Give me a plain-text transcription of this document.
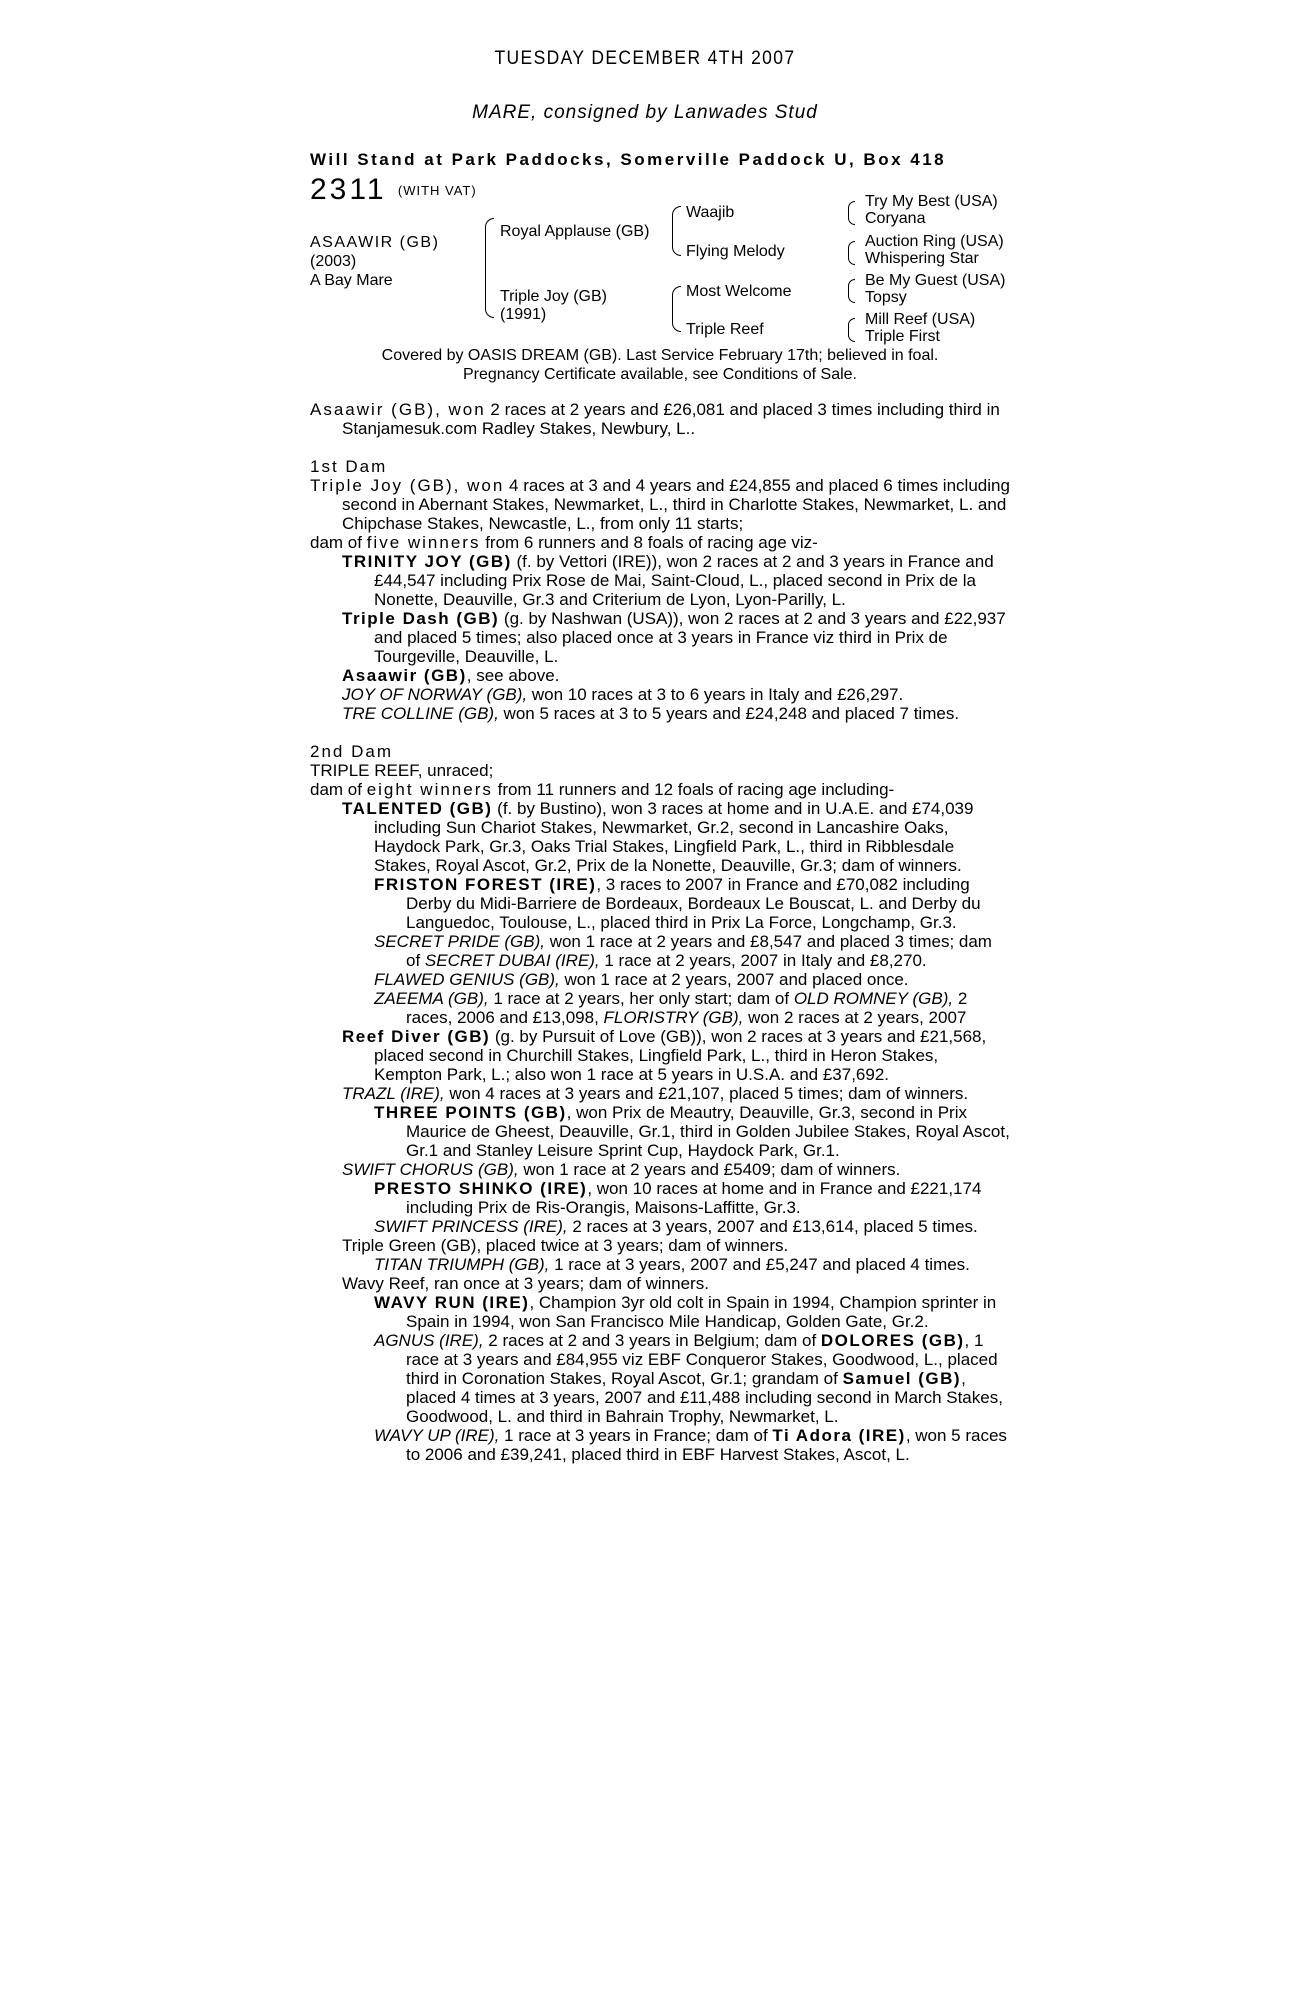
TUESDAY DECEMBER 4TH 2007
MARE, consigned by Lanwades Stud
Will Stand at Park Paddocks, Somerville Paddock U, Box 418
2311 (WITH VAT)
ASAAWIR (GB)
(2003)
A Bay Mare
Royal Applause (GB)
Triple Joy (GB)
(1991)
Waajib
Flying Melody
Most Welcome
Triple Reef
Try My Best (USA)
Coryana
Auction Ring (USA)
Whispering Star
Be My Guest (USA)
Topsy
Mill Reef (USA)
Triple First

Covered by OASIS DREAM (GB). Last Service February 17th; believed in foal.

Pregnancy Certificate available, see Conditions of Sale.

Asaawir (GB), won 2 races at 2 years and £26,081 and placed 3 times including third in Stanjamesuk.com Radley Stakes, Newbury, L..

1st Dam

Triple Joy (GB), won 4 races at 3 and 4 years and £24,855 and placed 6 times including second in Abernant Stakes, Newmarket, L., third in Charlotte Stakes, Newmarket, L. and Chipchase Stakes, Newcastle, L., from only 11 starts;

dam of five winners from 6 runners and 8 foals of racing age viz-

TRINITY JOY (GB) (f. by Vettori (IRE)), won 2 races at 2 and 3 years in France and £44,547 including Prix Rose de Mai, Saint-Cloud, L., placed second in Prix de la Nonette, Deauville, Gr.3 and Criterium de Lyon, Lyon-Parilly, L.

Triple Dash (GB) (g. by Nashwan (USA)), won 2 races at 2 and 3 years and £22,937 and placed 5 times; also placed once at 3 years in France viz third in Prix de Tourgeville, Deauville, L.

Asaawir (GB), see above.

JOY OF NORWAY (GB), won 10 races at 3 to 6 years in Italy and £26,297.

TRE COLLINE (GB), won 5 races at 3 to 5 years and £24,248 and placed 7 times.

2nd Dam

TRIPLE REEF, unraced;

dam of eight winners from 11 runners and 12 foals of racing age including-

TALENTED (GB) (f. by Bustino), won 3 races at home and in U.A.E. and £74,039 including Sun Chariot Stakes, Newmarket, Gr.2, second in Lancashire Oaks, Haydock Park, Gr.3, Oaks Trial Stakes, Lingfield Park, L., third in Ribblesdale Stakes, Royal Ascot, Gr.2, Prix de la Nonette, Deauville, Gr.3; dam of winners.

FRISTON FOREST (IRE), 3 races to 2007 in France and £70,082 including Derby du Midi-Barriere de Bordeaux, Bordeaux Le Bouscat, L. and Derby du Languedoc, Toulouse, L., placed third in Prix La Force, Longchamp, Gr.3.

SECRET PRIDE (GB), won 1 race at 2 years and £8,547 and placed 3 times; dam of SECRET DUBAI (IRE), 1 race at 2 years, 2007 in Italy and £8,270.

FLAWED GENIUS (GB), won 1 race at 2 years, 2007 and placed once.

ZAEEMA (GB), 1 race at 2 years, her only start; dam of OLD ROMNEY (GB), 2 races, 2006 and £13,098, FLORISTRY (GB), won 2 races at 2 years, 2007

Reef Diver (GB) (g. by Pursuit of Love (GB)), won 2 races at 3 years and £21,568, placed second in Churchill Stakes, Lingfield Park, L., third in Heron Stakes, Kempton Park, L.; also won 1 race at 5 years in U.S.A. and £37,692.

TRAZL (IRE), won 4 races at 3 years and £21,107, placed 5 times; dam of winners.

THREE POINTS (GB), won Prix de Meautry, Deauville, Gr.3, second in Prix Maurice de Gheest, Deauville, Gr.1, third in Golden Jubilee Stakes, Royal Ascot, Gr.1 and Stanley Leisure Sprint Cup, Haydock Park, Gr.1.

SWIFT CHORUS (GB), won 1 race at 2 years and £5409; dam of winners.

PRESTO SHINKO (IRE), won 10 races at home and in France and £221,174 including Prix de Ris-Orangis, Maisons-Laffitte, Gr.3.

SWIFT PRINCESS (IRE), 2 races at 3 years, 2007 and £13,614, placed 5 times.

Triple Green (GB), placed twice at 3 years; dam of winners.

TITAN TRIUMPH (GB), 1 race at 3 years, 2007 and £5,247 and placed 4 times.

Wavy Reef, ran once at 3 years; dam of winners.

WAVY RUN (IRE), Champion 3yr old colt in Spain in 1994, Champion sprinter in Spain in 1994, won San Francisco Mile Handicap, Golden Gate, Gr.2.

AGNUS (IRE), 2 races at 2 and 3 years in Belgium; dam of DOLORES (GB), 1 race at 3 years and £84,955 viz EBF Conqueror Stakes, Goodwood, L., placed third in Coronation Stakes, Royal Ascot, Gr.1; grandam of Samuel (GB), placed 4 times at 3 years, 2007 and £11,488 including second in March Stakes, Goodwood, L. and third in Bahrain Trophy, Newmarket, L.

WAVY UP (IRE), 1 race at 3 years in France; dam of Ti Adora (IRE), won 5 races to 2006 and £39,241, placed third in EBF Harvest Stakes, Ascot, L.
